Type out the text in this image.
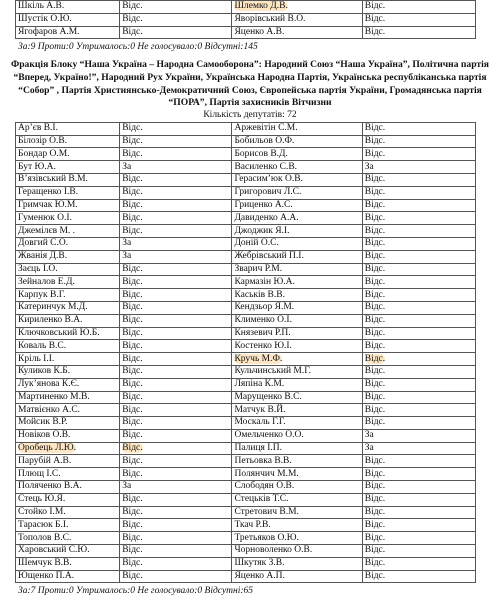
Шкіль А.В.	Відс.	Шлемко Д.В.	Відс.
Шустік О.Ю.	Відс.	Яворівський В.О.	Відс.
Ягофаров А.М.	Відс.	Яценко А.В.	Відс.
За:9 Проти:0 Утрималось:0 Не голосувало:0 Відсутні:145
Фракція Блоку “Наша Україна – Народна Самооборона”: Народний Союз “Наша Україна”, Політична партія “Вперед, Україно!”, Народний Рух України, Українська Народна Партія, Українська республіканська партія “Собор” , Партія Християнсько-Демократичний Союз, Європейська партія України, Громадянська партія “ПОРА”, Партія захисників Вітчизни
Кількість депутатів: 72
Ар’єв В.І.	Відс.	Аржевітін С.М.	Відс.
Білозір О.В.	Відс.	Бобильов О.Ф.	Відс.
Бондар О.М.	Відс.	Борисов В.Д.	Відс.
Бут Ю.А.	За	Василенко С.В.	За
В’язівський В.М.	Відс.	Герасим’юк О.В.	Відс.
Геращенко І.В.	Відс.	Григорович Л.С.	Відс.
Гримчак Ю.М.	Відс.	Гриценко А.С.	Відс.
Гуменюк О.І.	Відс.	Давиденко А.А.	Відс.
Джемілєв М. .	Відс.	Джоджик Я.І.	Відс.
Довгий С.О.	За	Доній О.С.	Відс.
Жванія Д.В.	За	Жебрівський П.І.	Відс.
Заєць І.О.	Відс.	Зварич Р.М.	Відс.
Зейналов Е.Д.	Відс.	Кармазін Ю.А.	Відс.
Карпук В.Г.	Відс.	Каськів В.В.	Відс.
Катеринчук М.Д.	Відс.	Кендзьор Я.М.	Відс.
Кириленко В.А.	Відс.	Клименко О.І.	Відс.
Ключковський Ю.Б.	Відс.	Князевич Р.П.	Відс.
Коваль В.С.	Відс.	Костенко Ю.І.	Відс.
Кріль І.І.	Відс.	Кручь М.Ф.	Відс.
Куликов К.Б.	Відс.	Кульчинський М.Г.	Відс.
Лук’янова К.Є.	Відс.	Ляпіна К.М.	Відс.
Мартиненко М.В.	Відс.	Марущенко В.С.	Відс.
Матвієнко А.С.	Відс.	Матчук В.Й.	Відс.
Мойсик В.Р.	Відс.	Москаль Г.Г.	Відс.
Новіков О.В.	Відс.	Омельченко О.О.	За
Оробець Л.Ю.	Відс.	Палиця І.П.	За
Парубій А.В.	Відс.	Петьовка В.В.	Відс.
Плющ І.С.	Відс.	Полянчич М.М.	Відс.
Поляченко В.А.	За	Слободян О.В.	Відс.
Стець Ю.Я.	Відс.	Стецьків Т.С.	Відс.
Стойко І.М.	Відс.	Стретович В.М.	Відс.
Тарасюк Б.І.	Відс.	Ткач Р.В.	Відс.
Тополов В.С.	Відс.	Третьяков О.Ю.	Відс.
Харовський С.Ю.	Відс.	Чорноволенко О.В.	Відс.
Шемчук В.В.	Відс.	Шкутяк З.В.	Відс.
Ющенко П.А.	Відс.	Яценко А.П.	Відс.
За:7 Проти:0 Утрималось:0 Не голосувало:0 Відсутні:65
